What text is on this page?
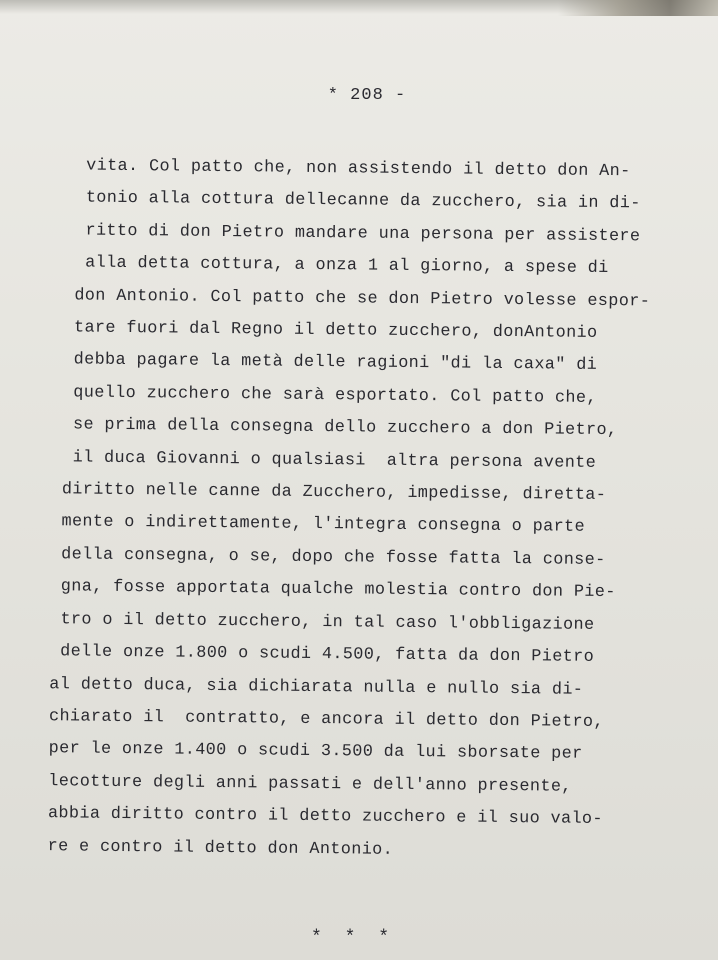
* 208 -
vita. Col patto che, non assistendo il detto don An-
tonio alla cottura dellecanne da zucchero, sia in di-
ritto di don Pietro mandare una persona per assistere
alla detta cottura, a onza 1 al giorno, a spese di
don Antonio. Col patto che se don Pietro volesse espor-
tare fuori dal Regno il detto zucchero, donAntonio
debba pagare la metà delle ragioni "di la caxa" di
quello zucchero che sarà esportato. Col patto che,
se prima della consegna dello zucchero a don Pietro,
il duca Giovanni o qualsiasi  altra persona avente
diritto nelle canne da Zucchero, impedisse, diretta-
mente o indirettamente, l'integra consegna o parte
della consegna, o se, dopo che fosse fatta la conse-
gna, fosse apportata qualche molestia contro don Pie-
tro o il detto zucchero, in tal caso l'obbligazione
delle onze 1.800 o scudi 4.500, fatta da don Pietro
al detto duca, sia dichiarata nulla e nullo sia di-
chiarato il  contratto, e ancora il detto don Pietro,
per le onze 1.400 o scudi 3.500 da lui sborsate per
lecotture degli anni passati e dell'anno presente,
abbia diritto contro il detto zucchero e il suo valo-
re e contro il detto don Antonio.
* * *
